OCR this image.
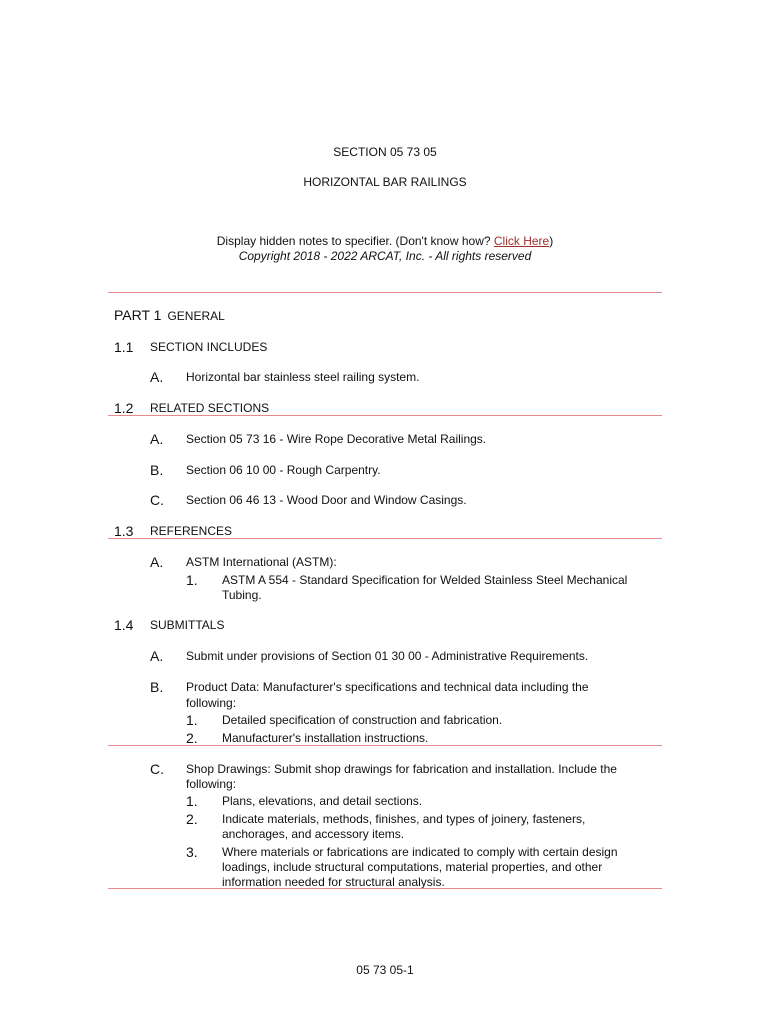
SECTION 05 73 05
HORIZONTAL BAR RAILINGS
Display hidden notes to specifier. (Don't know how? Click Here)
Copyright 2018 - 2022 ARCAT, Inc. - All rights reserved
PART 1 GENERAL
1.1 SECTION INCLUDES
A. Horizontal bar stainless steel railing system.
1.2 RELATED SECTIONS
A. Section 05 73 16 - Wire Rope Decorative Metal Railings.
B. Section 06 10 00 - Rough Carpentry.
C. Section 06 46 13 - Wood Door and Window Casings.
1.3 REFERENCES
A. ASTM International (ASTM):
1. ASTM A 554 - Standard Specification for Welded Stainless Steel Mechanical
Tubing.
1.4 SUBMITTALS
A. Submit under provisions of Section 01 30 00 - Administrative Requirements.
B. Product Data: Manufacturer's specifications and technical data including the
following:
1. Detailed specification of construction and fabrication.
2. Manufacturer's installation instructions.
C. Shop Drawings: Submit shop drawings for fabrication and installation. Include the
following:
1. Plans, elevations, and detail sections.
2. Indicate materials, methods, finishes, and types of joinery, fasteners,
anchorages, and accessory items.
3. Where materials or fabrications are indicated to comply with certain design
loadings, include structural computations, material properties, and other
information needed for structural analysis.
05 73 05-1
